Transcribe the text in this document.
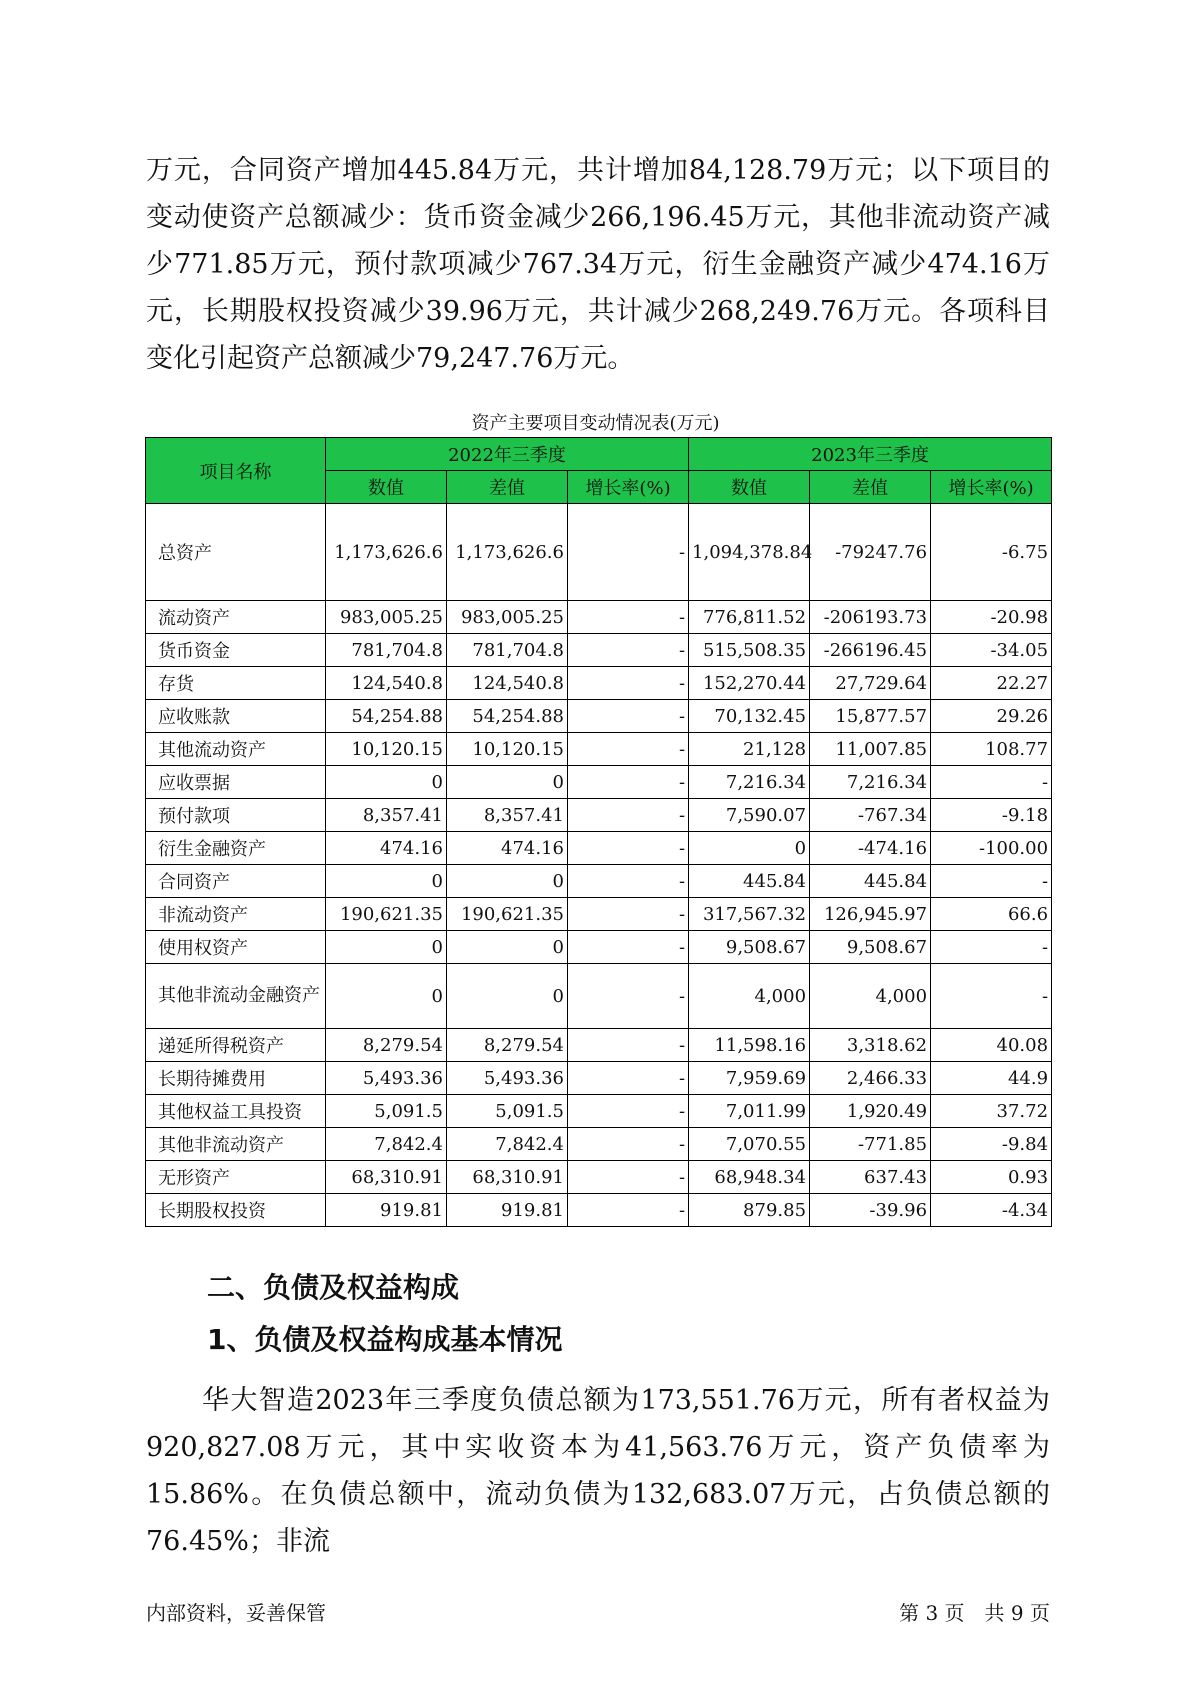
万元，合同资产增加445.84万元，共计增加84,128.79万元；以下项目的变动使资产总额减少：货币资金减少266,196.45万元，其他非流动资产减少771.85万元，预付款项减少767.34万元，衍生金融资产减少474.16万元，长期股权投资减少39.96万元，共计减少268,249.76万元。各项科目变化引起资产总额减少79,247.76万元。

资产主要项目变动情况表(万元)
项目名称	2022年三季度			2023年三季度		
	数值	差值	增长率(%)	数值	差值	增长率(%)
总资产	1,173,626.6	1,173,626.6	-	1,094,378.84	-79247.76	-6.75
流动资产	983,005.25	983,005.25	-	776,811.52	-206193.73	-20.98
货币资金	781,704.8	781,704.8	-	515,508.35	-266196.45	-34.05
存货	124,540.8	124,540.8	-	152,270.44	27,729.64	22.27
应收账款	54,254.88	54,254.88	-	70,132.45	15,877.57	29.26
其他流动资产	10,120.15	10,120.15	-	21,128	11,007.85	108.77
应收票据	0	0	-	7,216.34	7,216.34	-
预付款项	8,357.41	8,357.41	-	7,590.07	-767.34	-9.18
衍生金融资产	474.16	474.16	-	0	-474.16	-100.00
合同资产	0	0	-	445.84	445.84	-
非流动资产	190,621.35	190,621.35	-	317,567.32	126,945.97	66.6
使用权资产	0	0	-	9,508.67	9,508.67	-
其他非流动金融资产	0	0	-	4,000	4,000	-
递延所得税资产	8,279.54	8,279.54	-	11,598.16	3,318.62	40.08
长期待摊费用	5,493.36	5,493.36	-	7,959.69	2,466.33	44.9
其他权益工具投资	5,091.5	5,091.5	-	7,011.99	1,920.49	37.72
其他非流动资产	7,842.4	7,842.4	-	7,070.55	-771.85	-9.84
无形资产	68,310.91	68,310.91	-	68,948.34	637.43	0.93
长期股权投资	919.81	919.81	-	879.85	-39.96	-4.34
二、负债及权益构成
1、负债及权益构成基本情况

华大智造2023年三季度负债总额为173,551.76万元，所有者权益为920,827.08万元，其中实收资本为41,563.76万元，资产负债率为15.86%。在负债总额中，流动负债为132,683.07万元，占负债总额的76.45%；非流

内部资料，妥善保管	第 3 页　共 9 页
